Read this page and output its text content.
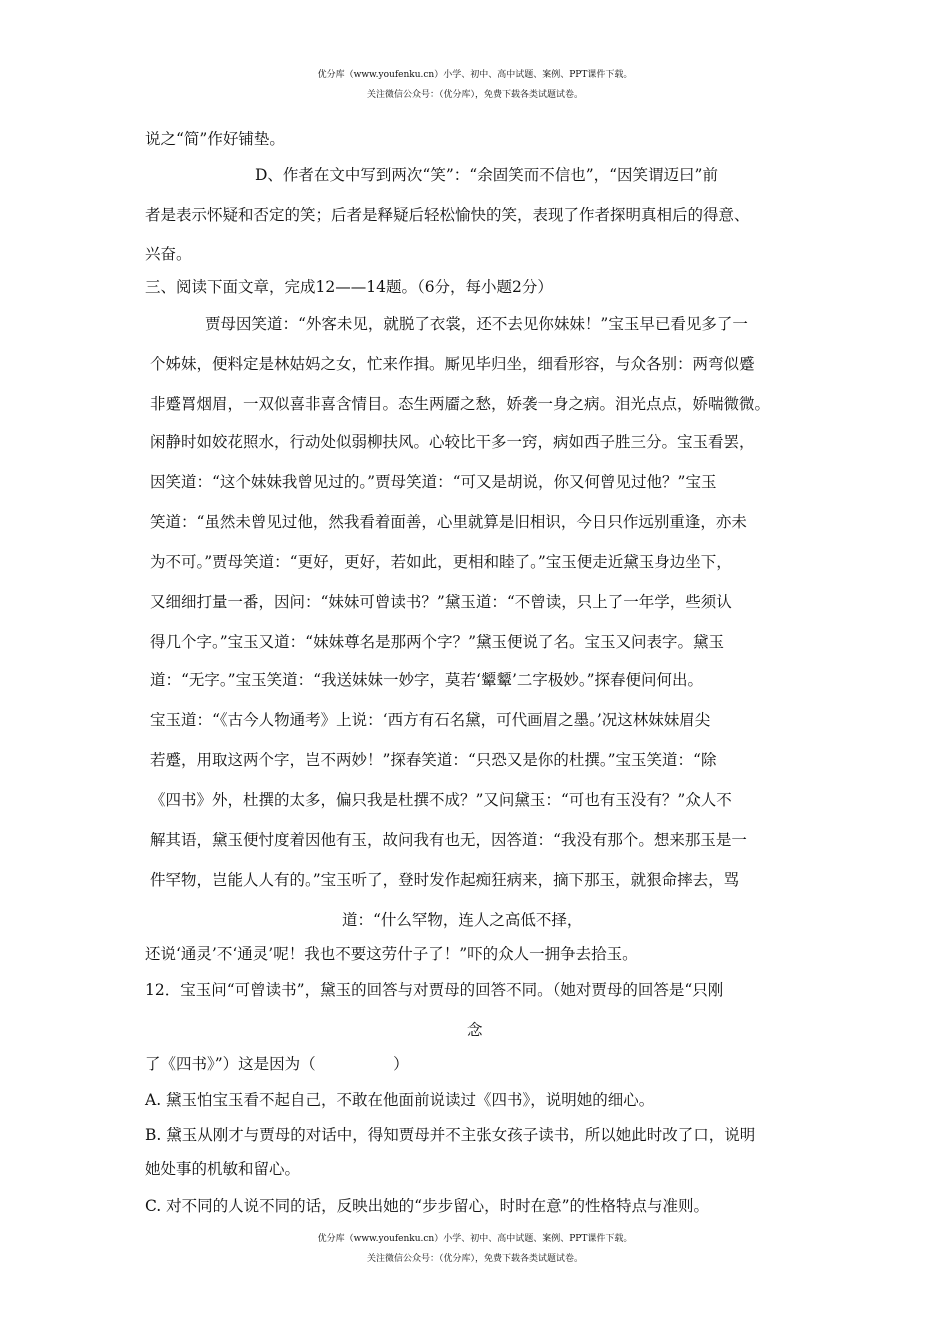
优分库（www.youfenku.cn）小学、初中、高中试题、案例、PPT课件下载。
关注微信公众号：（优分库），免费下载各类试题试卷。
说之“简”作好铺垫。
D、作者在文中写到两次“笑”：“余固笑而不信也”，“因笑谓迈曰”前
者是表示怀疑和否定的笑；后者是释疑后轻松愉快的笑，表现了作者探明真相后的得意、
兴奋。
三、阅读下面文章，完成12——14题。（6分，每小题2分）
贾母因笑道：“外客未见，就脱了衣裳，还不去见你妹妹！”宝玉早已看见多了一
个姊妹，便料定是林姑妈之女，忙来作揖。厮见毕归坐，细看形容，与众各别：两弯似蹙
非蹙罥烟眉，一双似喜非喜含情目。态生两靥之愁，娇袭一身之病。泪光点点，娇喘微微。
闲静时如姣花照水，行动处似弱柳扶风。心较比干多一窍，病如西子胜三分。宝玉看罢，
因笑道：“这个妹妹我曾见过的。”贾母笑道：“可又是胡说，你又何曾见过他？”宝玉
笑道：“虽然未曾见过他，然我看着面善，心里就算是旧相识，今日只作远别重逢，亦未
为不可。”贾母笑道：“更好，更好，若如此，更相和睦了。”宝玉便走近黛玉身边坐下，
又细细打量一番，因问：“妹妹可曾读书？”黛玉道：“不曾读，只上了一年学，些须认
得几个字。”宝玉又道：“妹妹尊名是那两个字？”黛玉便说了名。宝玉又问表字。黛玉
道：“无字。”宝玉笑道：“我送妹妹一妙字，莫若‘颦颦’二字极妙。”探春便问何出。
宝玉道：“《古今人物通考》上说：‘西方有石名黛，可代画眉之墨。’况这林妹妹眉尖
若蹙，用取这两个字，岂不两妙！”探春笑道：“只恐又是你的杜撰。”宝玉笑道：“除
《四书》外，杜撰的太多，偏只我是杜撰不成？”又问黛玉：“可也有玉没有？”众人不
解其语，黛玉便忖度着因他有玉，故问我有也无，因答道：“我没有那个。想来那玉是一
件罕物，岂能人人有的。”宝玉听了，登时发作起痴狂病来，摘下那玉，就狠命摔去，骂
道：“什么罕物，连人之高低不择，
还说‘通灵’不‘通灵’呢！我也不要这劳什子了！”吓的众人一拥争去拾玉。
12．宝玉问“可曾读书”，黛玉的回答与对贾母的回答不同。（她对贾母的回答是“只刚
念
了《四书》”）这是因为（　　　　　）
A. 黛玉怕宝玉看不起自己，不敢在他面前说读过《四书》，说明她的细心。
B. 黛玉从刚才与贾母的对话中，得知贾母并不主张女孩子读书，所以她此时改了口，说明
她处事的机敏和留心。
C. 对不同的人说不同的话，反映出她的“步步留心，时时在意”的性格特点与准则。
优分库（www.youfenku.cn）小学、初中、高中试题、案例、PPT课件下载。
关注微信公众号：（优分库），免费下载各类试题试卷。
